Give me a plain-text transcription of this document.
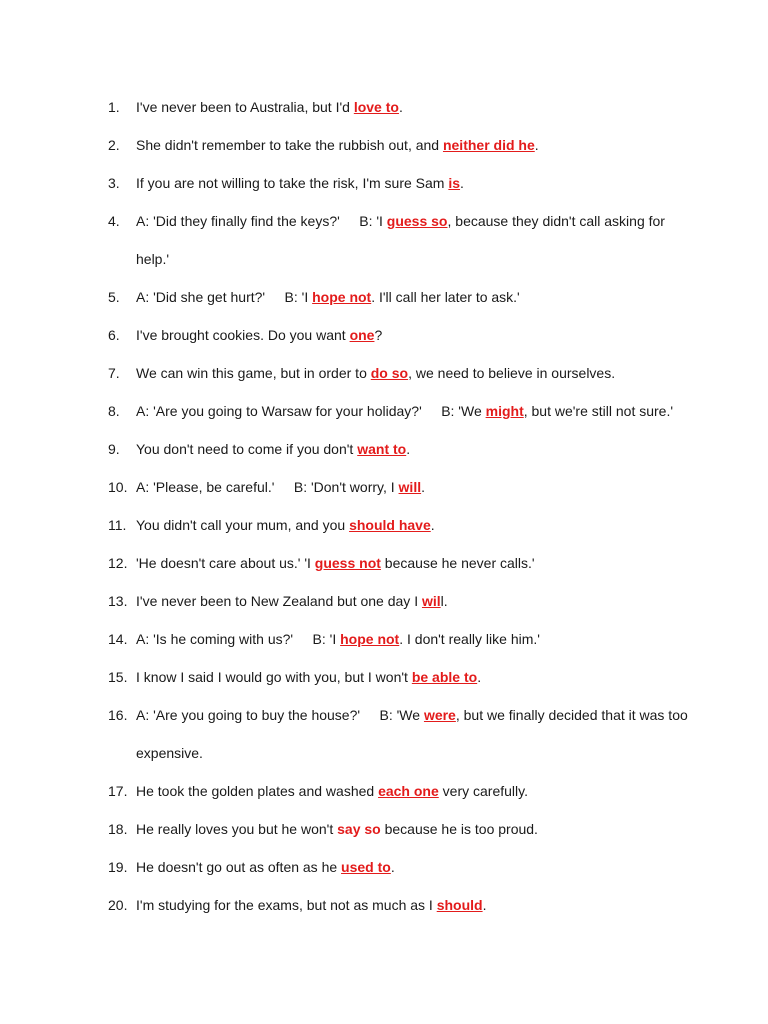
1.	I've never been to Australia, but I'd love to.
2.	She didn't remember to take the rubbish out, and neither did he.
3.	If you are not willing to take the risk, I'm sure Sam is.
4.	A: 'Did they finally find the keys?'     B: 'I guess so, because they didn't call asking for help.'
5.	A: 'Did she get hurt?'     B: 'I hope not. I'll call her later to ask.'
6.	I've brought cookies. Do you want one?
7.	We can win this game, but in order to do so, we need to believe in ourselves.
8.	A: 'Are you going to Warsaw for your holiday?'     B: 'We might, but we're still not sure.'
9.	You don't need to come if you don't want to.
10. A: 'Please, be careful.'     B: 'Don't worry, I will.
11. You didn't call your mum, and you should have.
12. 'He doesn't care about us.' 'I guess not because he never calls.'
13. I've never been to New Zealand but one day I will.
14. A: 'Is he coming with us?'     B: 'I hope not. I don't really like him.'
15. I know I said I would go with you, but I won't be able to.
16. A: 'Are you going to buy the house?'     B: 'We were, but we finally decided that it was too expensive.
17. He took the golden plates and washed each one very carefully.
18. He really loves you but he won't say so because he is too proud.
19. He doesn't go out as often as he used to.
20. I'm studying for the exams, but not as much as I should.
